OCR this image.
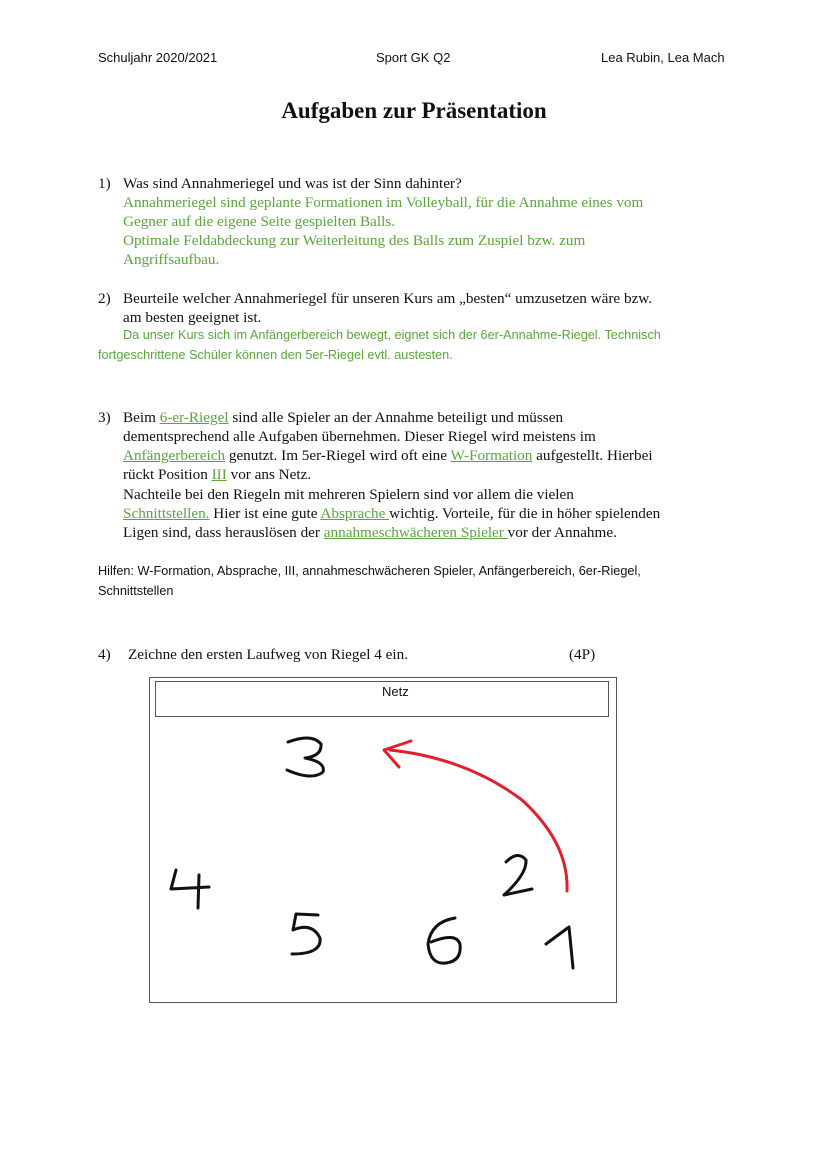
Schuljahr 2020/2021	Sport GK Q2	Lea Rubin, Lea Mach
Aufgaben zur Präsentation
1) Was sind Annahmeriegel und was ist der Sinn dahinter?
Annahmeriegel sind geplante Formationen im Volleyball, für die Annahme eines vom
Gegner auf die eigene Seite gespielten Balls.
Optimale Feldabdeckung zur Weiterleitung des Balls zum Zuspiel bzw. zum
Angriffsaufbau.
2) Beurteile welcher Annahmeriegel für unseren Kurs am „besten“ umzusetzen wäre bzw.
am besten geeignet ist.
Da unser Kurs sich im Anfängerbereich bewegt, eignet sich der 6er-Annahme-Riegel. Technisch
fortgeschrittene Schüler können den 5er-Riegel evtl. austesten.
3) Beim 6-er-Riegel sind alle Spieler an der Annahme beteiligt und müssen
dementsprechend alle Aufgaben übernehmen. Dieser Riegel wird meistens im
Anfängerbereich genutzt. Im 5er-Riegel wird oft eine W-Formation aufgestellt. Hierbei
rückt Position III vor ans Netz.
Nachteile bei den Riegeln mit mehreren Spielern sind vor allem die vielen
Schnittstellen. Hier ist eine gute Absprache wichtig. Vorteile, für die in höher spielenden
Ligen sind, dass herauslösen der annahmeschwächeren Spieler vor der Annahme.
Hilfen: W-Formation, Absprache, III, annahmeschwächeren Spieler, Anfängerbereich, 6er-Riegel,
Schnittstellen
4) Zeichne den ersten Laufweg von Riegel 4 ein.	(4P)
Netz
